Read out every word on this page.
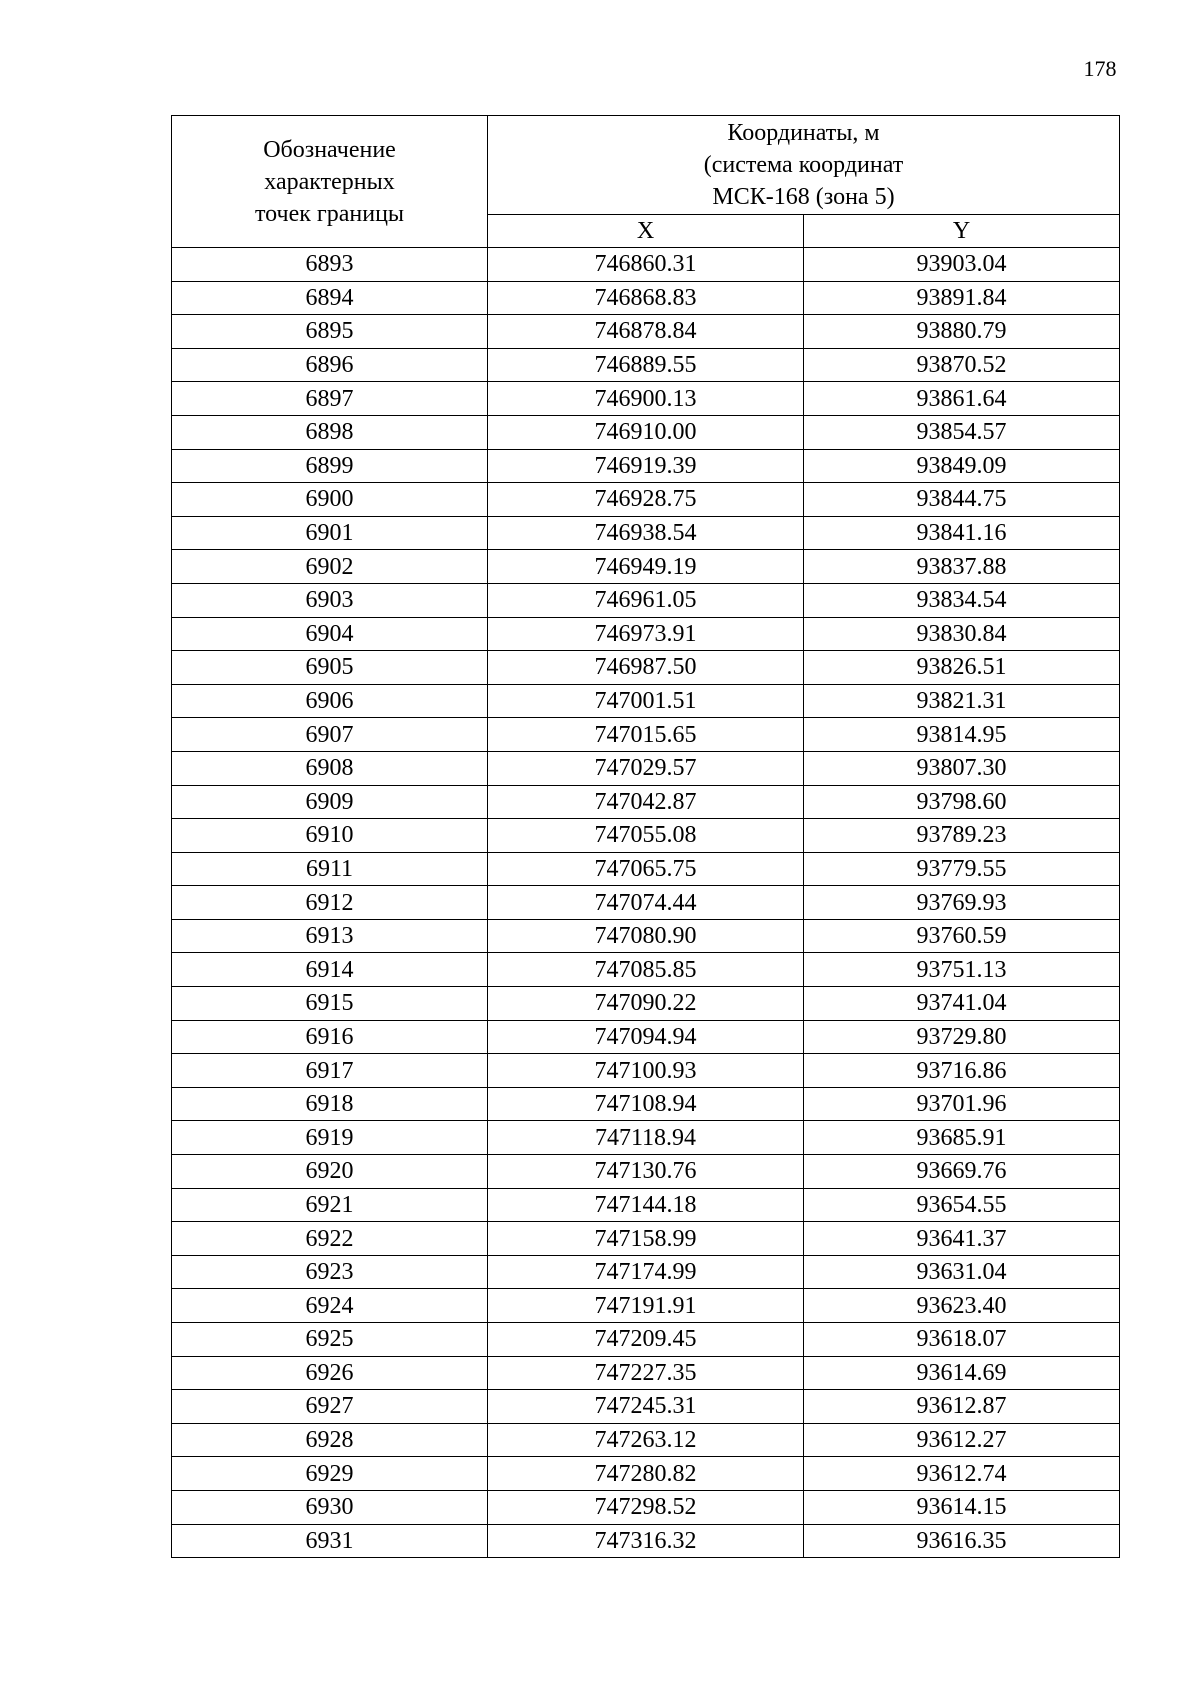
178
Обозначение
характерных
точек границы	Координаты, м
(система координат
МСК-168 (зона 5)	

	X	Y
6893	746860.31	93903.04
6894	746868.83	93891.84
6895	746878.84	93880.79
6896	746889.55	93870.52
6897	746900.13	93861.64
6898	746910.00	93854.57
6899	746919.39	93849.09
6900	746928.75	93844.75
6901	746938.54	93841.16
6902	746949.19	93837.88
6903	746961.05	93834.54
6904	746973.91	93830.84
6905	746987.50	93826.51
6906	747001.51	93821.31
6907	747015.65	93814.95
6908	747029.57	93807.30
6909	747042.87	93798.60
6910	747055.08	93789.23
6911	747065.75	93779.55
6912	747074.44	93769.93
6913	747080.90	93760.59
6914	747085.85	93751.13
6915	747090.22	93741.04
6916	747094.94	93729.80
6917	747100.93	93716.86
6918	747108.94	93701.96
6919	747118.94	93685.91
6920	747130.76	93669.76
6921	747144.18	93654.55
6922	747158.99	93641.37
6923	747174.99	93631.04
6924	747191.91	93623.40
6925	747209.45	93618.07
6926	747227.35	93614.69
6927	747245.31	93612.87
6928	747263.12	93612.27
6929	747280.82	93612.74
6930	747298.52	93614.15
6931	747316.32	93616.35
